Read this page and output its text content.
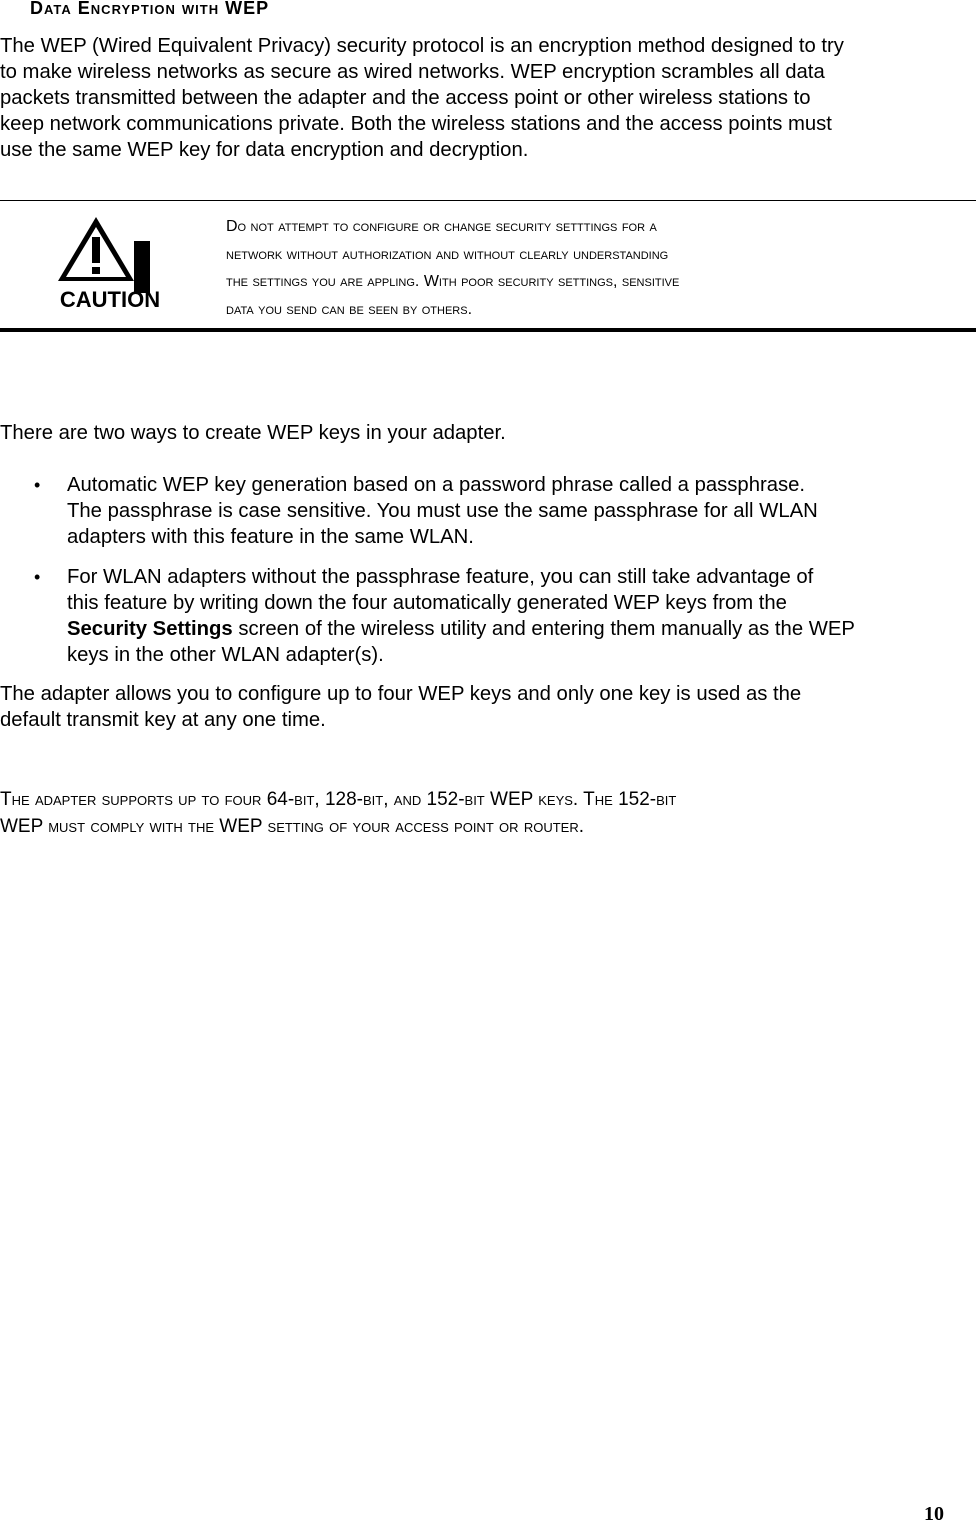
Data Encryption with WEP

The WEP (Wired Equivalent Privacy) security protocol is an encryption method designed to try
to make wireless networks as secure as wired networks. WEP encryption scrambles all data
packets transmitted between the adapter and the access point or other wireless stations to
keep network communications private. Both the wireless stations and the access points must
use the same WEP key for data encryption and decryption.

CAUTION

Do not attempt to configure or change security setttings for a
network without authorization and without clearly understanding
the settings you are appling. With poor security settings, sensitive
data you send can be seen by others.

There are two ways to create WEP keys in your adapter.

• Automatic WEP key generation based on a password phrase called a passphrase.
The passphrase is case sensitive. You must use the same passphrase for all WLAN
adapters with this feature in the same WLAN.
• For WLAN adapters without the passphrase feature, you can still take advantage of
this feature by writing down the four automatically generated WEP keys from the
Security Settings screen of the wireless utility and entering them manually as the WEP
keys in the other WLAN adapter(s).

The adapter allows you to configure up to four WEP keys and only one key is used as the
default transmit key at any one time.

The adapter supports up to four 64-bit, 128-bit, and 152-bit WEP keys. The 152-bit
WEP must comply with the WEP setting of your access point or router.

10
